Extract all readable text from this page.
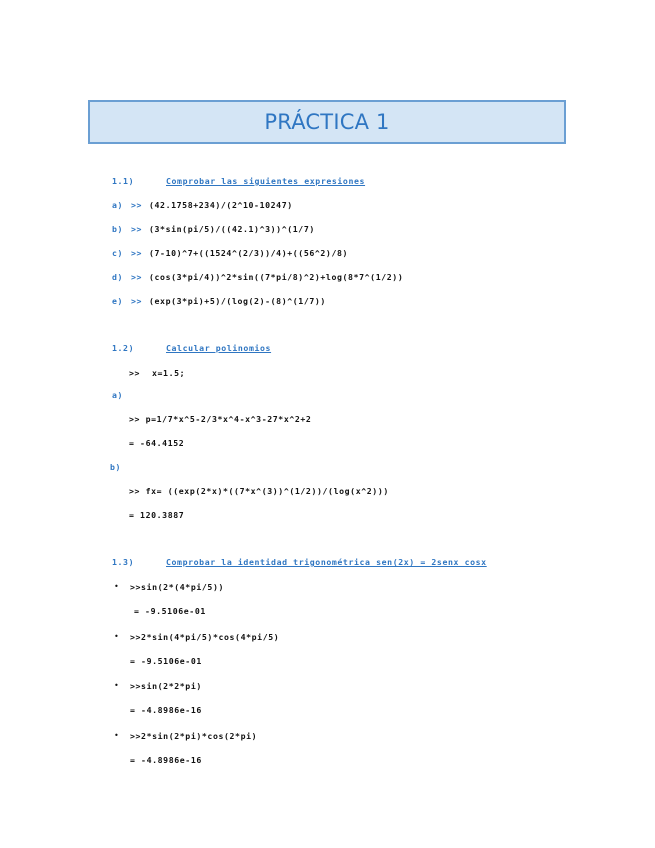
PRÁCTICA 1
1.1)	Comprobar las siguientes expresiones
a) >> (42.1758+234)/(2^10-10247)
b) >> (3*sin(pi/5)/((42.1)^3))^(1/7)
c) >> (7-10)^7+((1524^(2/3))/4)+((56^2)/8)
d) >> (cos(3*pi/4))^2*sin((7*pi/8)^2)+log(8*7^(1/2))
e) >> (exp(3*pi)+5)/(log(2)-(8)^(1/7))
1.2)	Calcular polinomios
>> x=1.5;
a)
>> p=1/7*x^5-2/3*x^4-x^3-27*x^2+2
= -64.4152
b)
>> fx= ((exp(2*x)*((7*x^(3))^(1/2))/(log(x^2)))
= 120.3887
1.3)	Comprobar la identidad trigonométrica sen(2x) = 2senx cosx
• >>sin(2*(4*pi/5))
= -9.5106e-01
• >>2*sin(4*pi/5)*cos(4*pi/5)
= -9.5106e-01
• >>sin(2*2*pi)
= -4.8986e-16
• >>2*sin(2*pi)*cos(2*pi)
= -4.8986e-16
